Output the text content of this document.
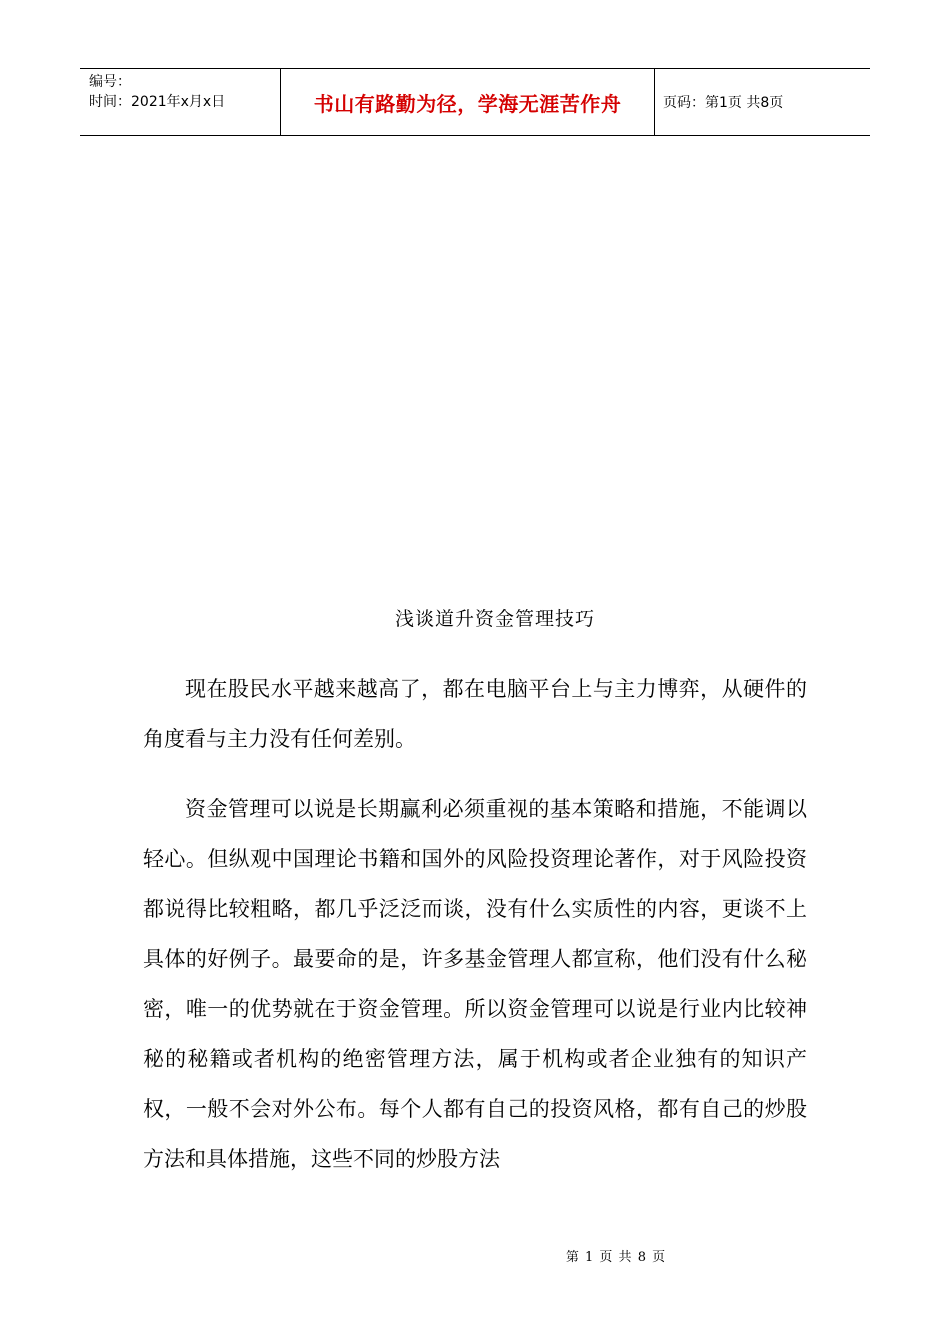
编号：
时间：2021年x月x日	书山有路勤为径，学海无涯苦作舟	页码：第1页 共8页
浅谈道升资金管理技巧

现在股民水平越来越高了，都在电脑平台上与主力博弈，从硬件的角度看与主力没有任何差别。

资金管理可以说是长期赢利必须重视的基本策略和措施，不能调以轻心。但纵观中国理论书籍和国外的风险投资理论著作，对于风险投资都说得比较粗略，都几乎泛泛而谈，没有什么实质性的内容，更谈不上具体的好例子。最要命的是，许多基金管理人都宣称，他们没有什么秘密，唯一的优势就在于资金管理。所以资金管理可以说是行业内比较神秘的秘籍或者机构的绝密管理方法，属于机构或者企业独有的知识产权，一般不会对外公布。每个人都有自己的投资风格，都有自己的炒股方法和具体措施，这些不同的炒股方法

第 1 页 共 8 页
